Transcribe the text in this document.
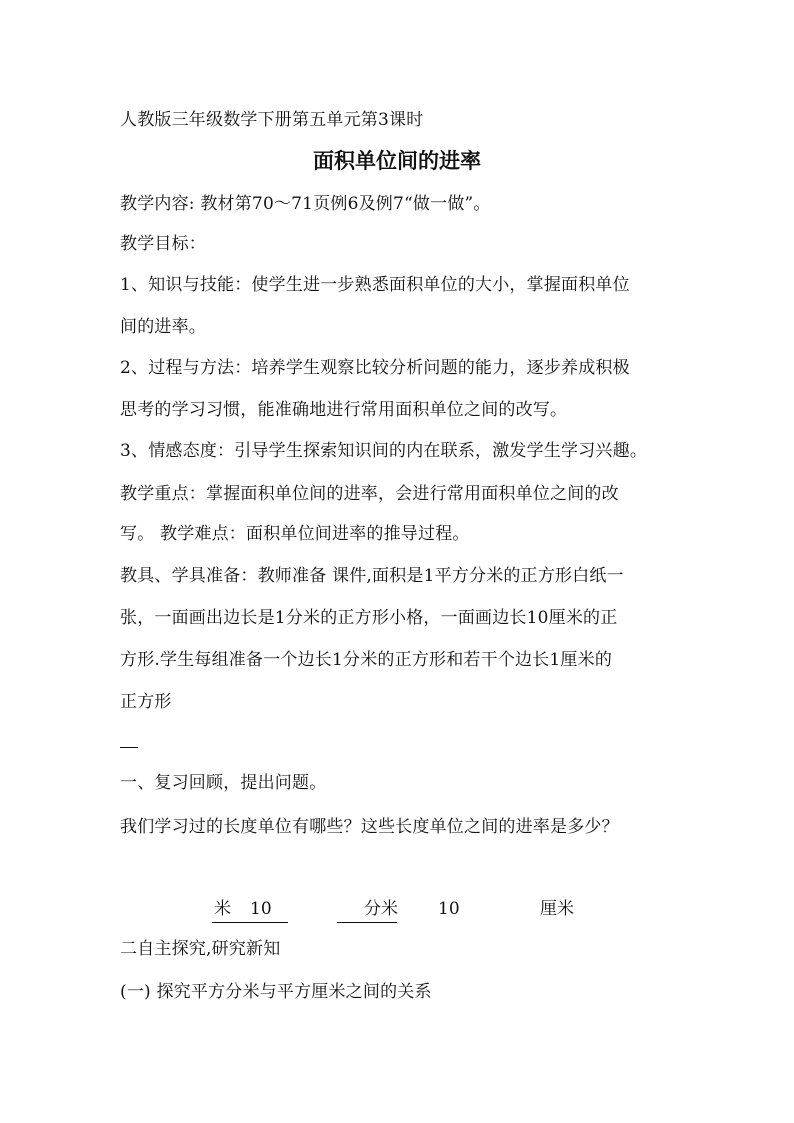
人教版三年级数学下册第五单元第3课时
面积单位间的进率
教学内容: 教材第70～71页例6及例7“做一做”。
教学目标：
1、知识与技能：使学生进一步熟悉面积单位的大小，掌握面积单位
间的进率。
2、过程与方法：培养学生观察比较分析问题的能力，逐步养成积极
思考的学习习惯，能准确地进行常用面积单位之间的改写。
3、情感态度：引导学生探索知识间的内在联系，激发学生学习兴趣。
教学重点：掌握面积单位间的进率，会进行常用面积单位之间的改
写。 教学难点：面积单位间进率的推导过程。
教具、学具准备：教师准备 课件,面积是1平方分米的正方形白纸一
张，一面画出边长是1分米的正方形小格，一面画边长10厘米的正
方形.学生每组准备一个边长1分米的正方形和若干个边长1厘米的
正方形
一、复习回顾，提出问题。
我们学习过的长度单位有哪些？这些长度单位之间的进率是多少？
米 10	分米 10	厘米
二自主探究,研究新知
(一) 探究平方分米与平方厘米之间的关系
